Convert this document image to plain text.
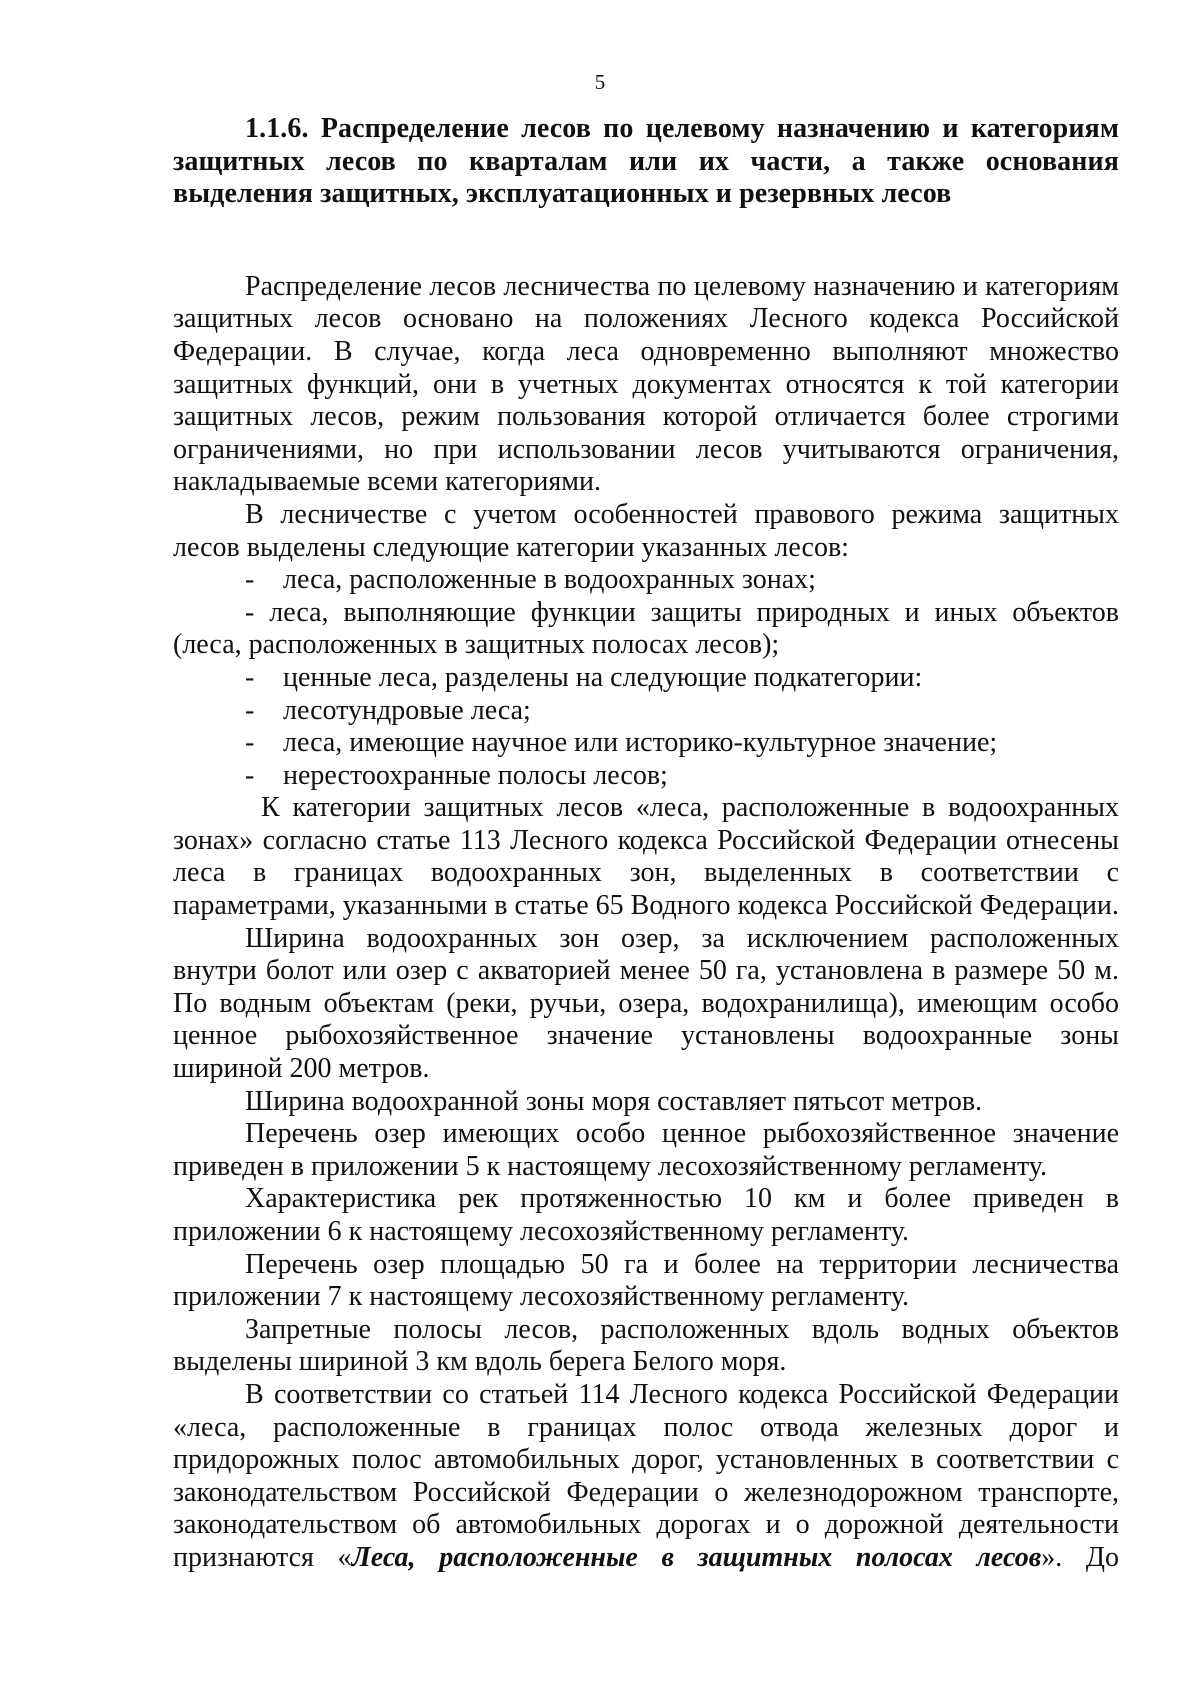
5

1.1.6. Распределение лесов по целевому назначению и категориям защитных лесов по кварталам или их части, а также основания выделения защитных, эксплуатационных и резервных лесов

Распределение лесов лесничества по целевому назначению и категориям защитных лесов основано на положениях Лесного кодекса Российской Федерации. В случае, когда леса одновременно выполняют множество защитных функций, они в учетных документах относятся к той категории защитных лесов, режим пользования которой отличается более строгими ограничениями, но при использовании лесов учитываются ограничения, накладываемые всеми категориями.

В лесничестве с учетом особенностей правового режима защитных лесов выделены следующие категории указанных лесов:

- леса, расположенные в водоохранных зонах;

- леса, выполняющие функции защиты природных и иных объектов (леса, расположенных в защитных полосах лесов);

- ценные леса, разделены на следующие подкатегории:

- лесотундровые леса;

- леса, имеющие научное или историко-культурное значение;

- нерестоохранные полосы лесов;

К категории защитных лесов «леса, расположенные в водоохранных зонах» согласно статье 113 Лесного кодекса Российской Федерации отнесены леса в границах водоохранных зон, выделенных в соответствии с параметрами, указанными в статье 65 Водного кодекса Российской Федерации.

Ширина водоохранных зон озер, за исключением расположенных внутри болот или озер с акваторией менее 50 га, установлена в размере 50 м. По водным объектам (реки, ручьи, озера, водохранилища), имеющим особо ценное рыбохозяйственное значение установлены водоохранные зоны шириной 200 метров.

Ширина водоохранной зоны моря составляет пятьсот метров.

Перечень озер имеющих особо ценное рыбохозяйственное значение приведен в приложении 5 к настоящему лесохозяйственному регламенту.

Характеристика рек протяженностью 10 км и более приведен в приложении 6 к настоящему лесохозяйственному регламенту.

Перечень озер площадью 50 га и более на территории лесничества приложении 7 к настоящему лесохозяйственному регламенту.

Запретные полосы лесов, расположенных вдоль водных объектов выделены шириной 3 км вдоль берега Белого моря.

В соответствии со статьей 114 Лесного кодекса Российской Федерации «леса, расположенные в границах полос отвода железных дорог и придорожных полос автомобильных дорог, установленных в соответствии с законодательством Российской Федерации о железнодорожном транспорте, законодательством об автомобильных дорогах и о дорожной деятельности признаются «Леса, расположенные в защитных полосах лесов». До
